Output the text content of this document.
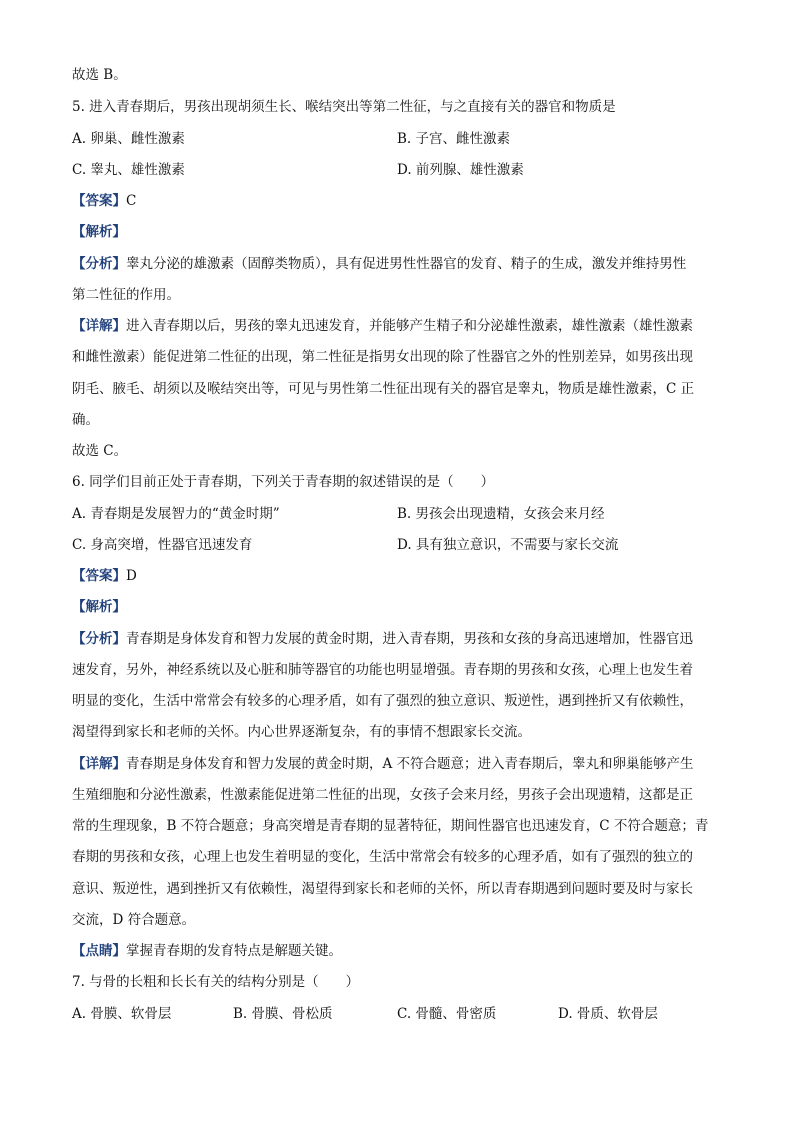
故选 B。
5. 进入青春期后，男孩出现胡须生长、喉结突出等第二性征，与之直接有关的器官和物质是
A. 卵巢、雌性激素	B. 子宫、雌性激素
C. 睾丸、雄性激素	D. 前列腺、雄性激素
【答案】C
【解析】
【分析】睾丸分泌的雄激素（固醇类物质），具有促进男性性器官的发育、精子的生成，激发并维持男性
第二性征的作用。
【详解】进入青春期以后，男孩的睾丸迅速发育，并能够产生精子和分泌雄性激素，雄性激素（雄性激素
和雌性激素）能促进第二性征的出现，第二性征是指男女出现的除了性器官之外的性别差异，如男孩出现
阴毛、腋毛、胡须以及喉结突出等，可见与男性第二性征出现有关的器官是睾丸，物质是雄性激素，C 正
确。
故选 C。
6. 同学们目前正处于青春期，下列关于青春期的叙述错误的是（　　）
A. 青春期是发展智力的“黄金时期”	B. 男孩会出现遗精，女孩会来月经
C. 身高突增，性器官迅速发育	D. 具有独立意识，不需要与家长交流
【答案】D
【解析】
【分析】青春期是身体发育和智力发展的黄金时期，进入青春期，男孩和女孩的身高迅速增加，性器官迅
速发育，另外，神经系统以及心脏和肺等器官的功能也明显增强。青春期的男孩和女孩，心理上也发生着
明显的变化，生活中常常会有较多的心理矛盾，如有了强烈的独立意识、叛逆性，遇到挫折又有依赖性，
渴望得到家长和老师的关怀。内心世界逐渐复杂，有的事情不想跟家长交流。
【详解】青春期是身体发育和智力发展的黄金时期，A 不符合题意；进入青春期后，睾丸和卵巢能够产生
生殖细胞和分泌性激素，性激素能促进第二性征的出现，女孩子会来月经，男孩子会出现遗精，这都是正
常的生理现象，B 不符合题意；身高突增是青春期的显著特征，期间性器官也迅速发育，C 不符合题意；青
春期的男孩和女孩，心理上也发生着明显的变化，生活中常常会有较多的心理矛盾，如有了强烈的独立的
意识、叛逆性，遇到挫折又有依赖性，渴望得到家长和老师的关怀，所以青春期遇到问题时要及时与家长
交流，D 符合题意。
【点睛】掌握青春期的发育特点是解题关键。
7. 与骨的长粗和长长有关的结构分别是（　　）
A. 骨膜、软骨层	B. 骨膜、骨松质	C. 骨髓、骨密质	D. 骨质、软骨层
